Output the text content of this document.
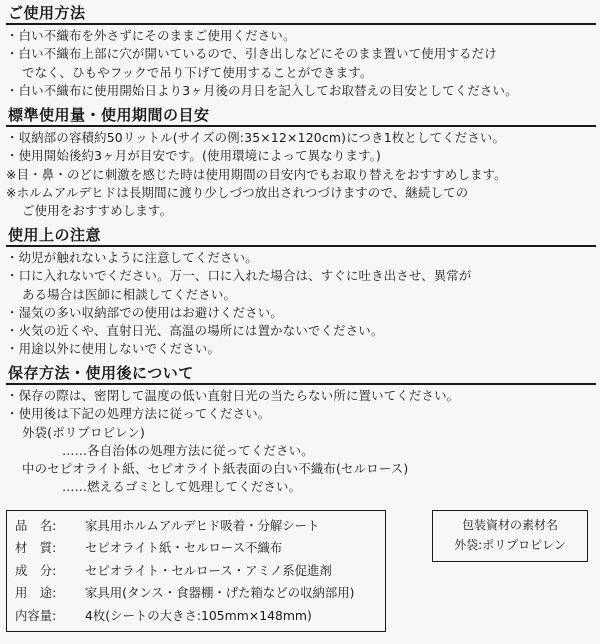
ご使用方法
・白い不織布を外さずにそのままご使用ください。
・白い不織布上部に穴が開いているので、引き出しなどにそのまま置いて使用するだけ
でなく、ひもやフックで吊り下げて使用することができます。
・白い不織布に使用開始日より3ヶ月後の月日を記入してお取替えの目安としてください。
標準使用量・使用期間の目安
・収納部の容積約50リットル(サイズの例:35×12×120cm)につき1枚としてください。
・使用開始後約3ヶ月が目安です。(使用環境によって異なります。)
※目・鼻・のどに刺激を感じた時は使用期間の目安内でもお取り替えをおすすめします。
※ホルムアルデヒドは長期間に渡り少しづつ放出されつづけますので、継続しての
ご使用をおすすめします。
使用上の注意
・幼児が触れないように注意してください。
・口に入れないでください。万一、口に入れた場合は、すぐに吐き出させ、異常が
ある場合は医師に相談してください。
・湿気の多い収納部での使用はお避けください。
・火気の近くや、直射日光、高温の場所には置かないでください。
・用途以外に使用しないでください。
保存方法・使用後について
・保存の際は、密閉して温度の低い直射日光の当たらない所に置いてください。
・使用後は下記の処理方法に従ってください。
外袋(ポリプロピレン)
……各自治体の処理方法に従ってください。
中のセピオライト紙、セピオライト紙表面の白い不織布(セルロース)
……燃えるゴミとして処理してください。
品　名:	家具用ホルムアルデヒド吸着・分解シート
材　質:	セピオライト紙・セルロース不織布
成　分:	セピオライト・セルロース・アミノ系促進剤
用　途:	家具用(タンス・食器棚・げた箱などの収納部用)
内容量:	4枚(シートの大きさ:105mm×148mm)
包装資材の素材名
外袋:ポリプロピレン
